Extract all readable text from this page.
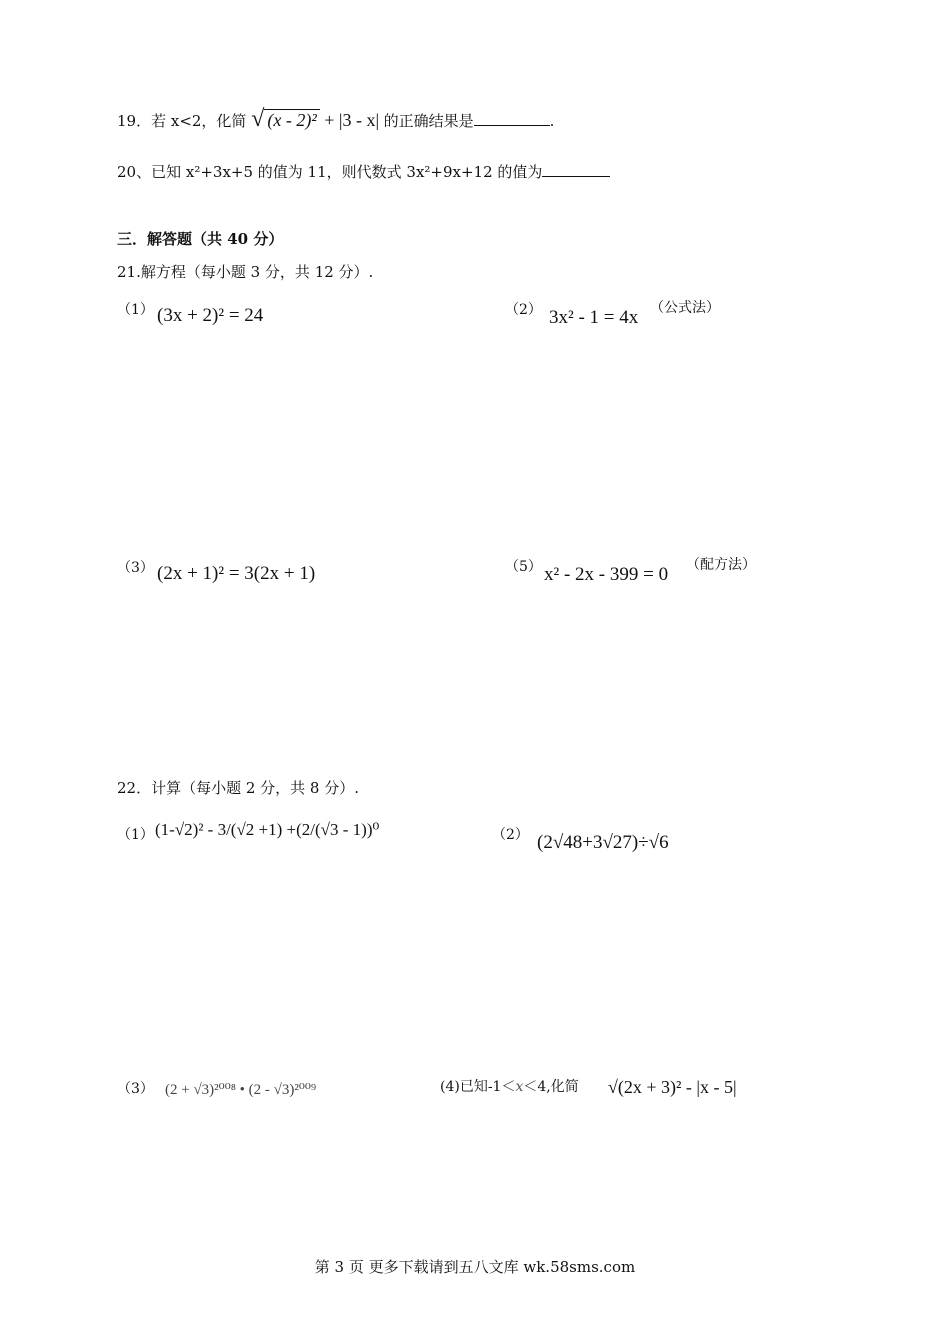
19．若 x<2，化简 √ (x - 2)² + |3 - x| 的正确结果是	.
20、已知 x²+3x+5 的值为 11，则代数式 3x²+9x+12 的值为
三．解答题（共 40 分）
21.解方程（每小题 3 分，共 12 分）.
（1） (3x + 2)² = 24	（2） 3x² - 1 = 4x （公式法）
（3） (2x + 1)² = 3(2x + 1)	（5） x² - 2x - 399 = 0 （配方法）
22．计算（每小题 2 分，共 8 分）.
（1） (1-√2)² - 3/(√2 +1) +(2/(√3 - 1))⁰	（2） (2√48+3√27)÷√6
（3） (2 + √3)²⁰⁰⁸ • (2 - √3)²⁰⁰⁹	(4)已知-1＜x＜4,化简 √(2x + 3)² - |x - 5|
第 3 页 更多下载请到五八文库 wk.58sms.com
